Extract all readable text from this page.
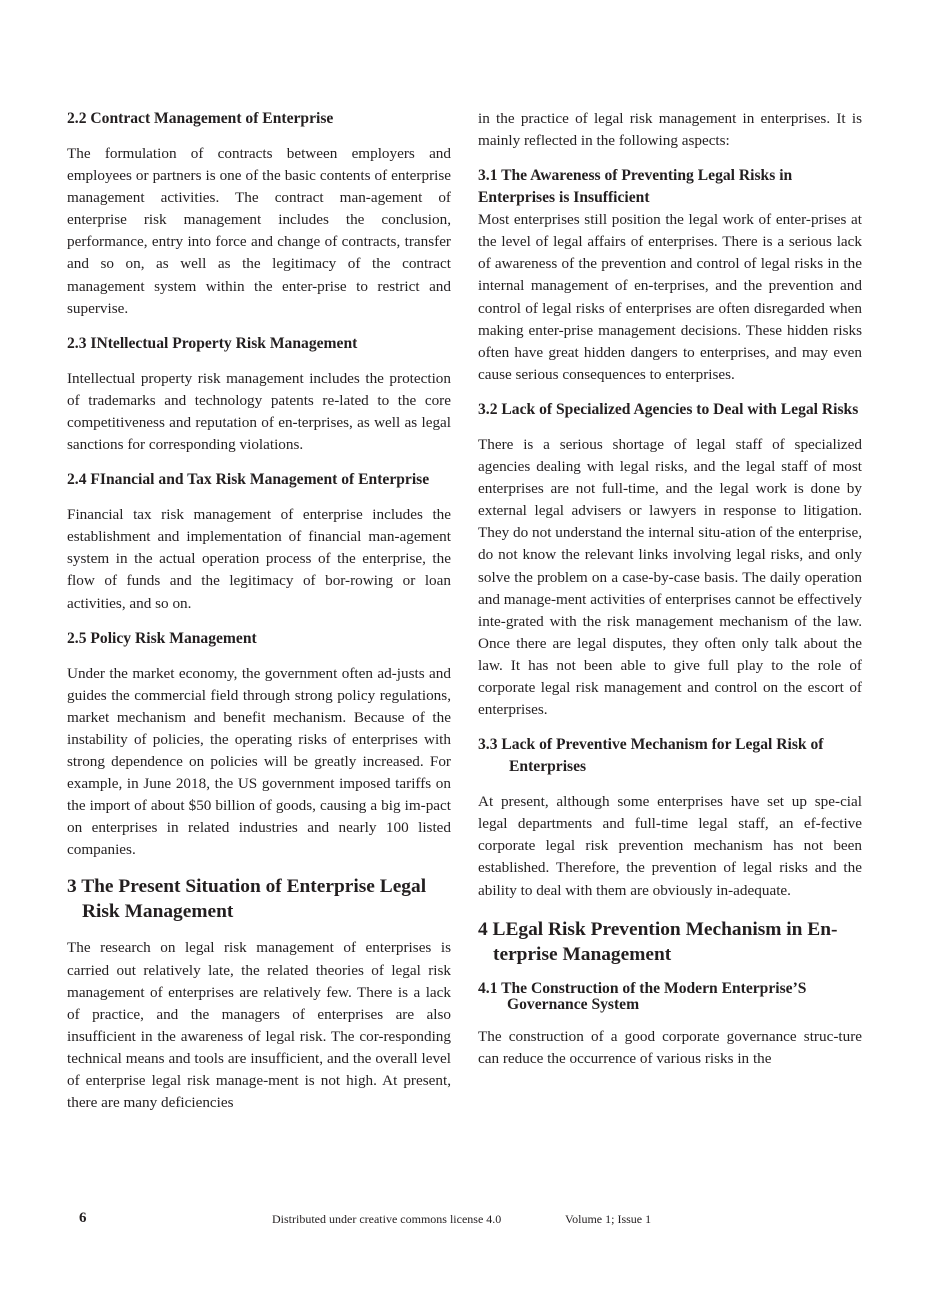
2.2 Contract Management of Enterprise

The formulation of contracts between employers and employees or partners is one of the basic contents of enterprise management activities. The contract man-agement of enterprise risk management includes the conclusion, performance, entry into force and change of contracts, transfer and so on, as well as the legitimacy of the contract management system within the enter-prise to restrict and supervise.

2.3 INtellectual Property Risk Management

Intellectual property risk management includes the protection of trademarks and technology patents re-lated to the core competitiveness and reputation of en-terprises, as well as legal sanctions for corresponding violations.

2.4 FInancial and Tax Risk Management of Enterprise

Financial tax risk management of enterprise includes the establishment and implementation of financial man-agement system in the actual operation process of the enterprise, the flow of funds and the legitimacy of bor-rowing or loan activities, and so on.

2.5 Policy Risk Management

Under the market economy, the government often ad-justs and guides the commercial field through strong policy regulations, market mechanism and benefit mechanism. Because of the instability of policies, the operating risks of enterprises with strong dependence on policies will be greatly increased. For example, in June 2018, the US government imposed tariffs on the import of about $50 billion of goods, causing a big im-pact on enterprises in related industries and nearly 100 listed companies.

3 The Present Situation of Enterprise Legal Risk Management

The research on legal risk management of enterprises is carried out relatively late, the related theories of legal risk management of enterprises are relatively few. There is a lack of practice, and the managers of enterprises are also insufficient in the awareness of legal risk. The cor-responding technical means and tools are insufficient, and the overall level of enterprise legal risk manage-ment is not high. At present, there are many deficiencies

in the practice of legal risk management in enterprises. It is mainly reflected in the following aspects:

3.1 The Awareness of Preventing Legal Risks in Enterprises is Insufficient

Most enterprises still position the legal work of enter-prises at the level of legal affairs of enterprises. There is a serious lack of awareness of the prevention and control of legal risks in the internal management of en-terprises, and the prevention and control of legal risks of enterprises are often disregarded when making enter-prise management decisions. These hidden risks often have great hidden dangers to enterprises, and may even cause serious consequences to enterprises.

3.2 Lack of Specialized Agencies to Deal with Legal Risks

There is a serious shortage of legal staff of specialized agencies dealing with legal risks, and the legal staff of most enterprises are not full-time, and the legal work is done by external legal advisers or lawyers in response to litigation. They do not understand the internal situ-ation of the enterprise, do not know the relevant links involving legal risks, and only solve the problem on a case-by-case basis. The daily operation and manage-ment activities of enterprises cannot be effectively inte-grated with the risk management mechanism of the law. Once there are legal disputes, they often only talk about the law. It has not been able to give full play to the role of corporate legal risk management and control on the escort of enterprises.

3.3 Lack of Preventive Mechanism for Legal Risk of Enterprises

At present, although some enterprises have set up spe-cial legal departments and full-time legal staff, an ef-fective corporate legal risk prevention mechanism has not been established. Therefore, the prevention of legal risks and the ability to deal with them are obviously in-adequate.

4 LEgal Risk Prevention Mechanism in En-terprise Management
4.1 The Construction of the Modern Enterprise’S Governance System

The construction of a good corporate governance struc-ture can reduce the occurrence of various risks in the

6	Distributed under creative commons license 4.0	Volume 1; Issue 1
